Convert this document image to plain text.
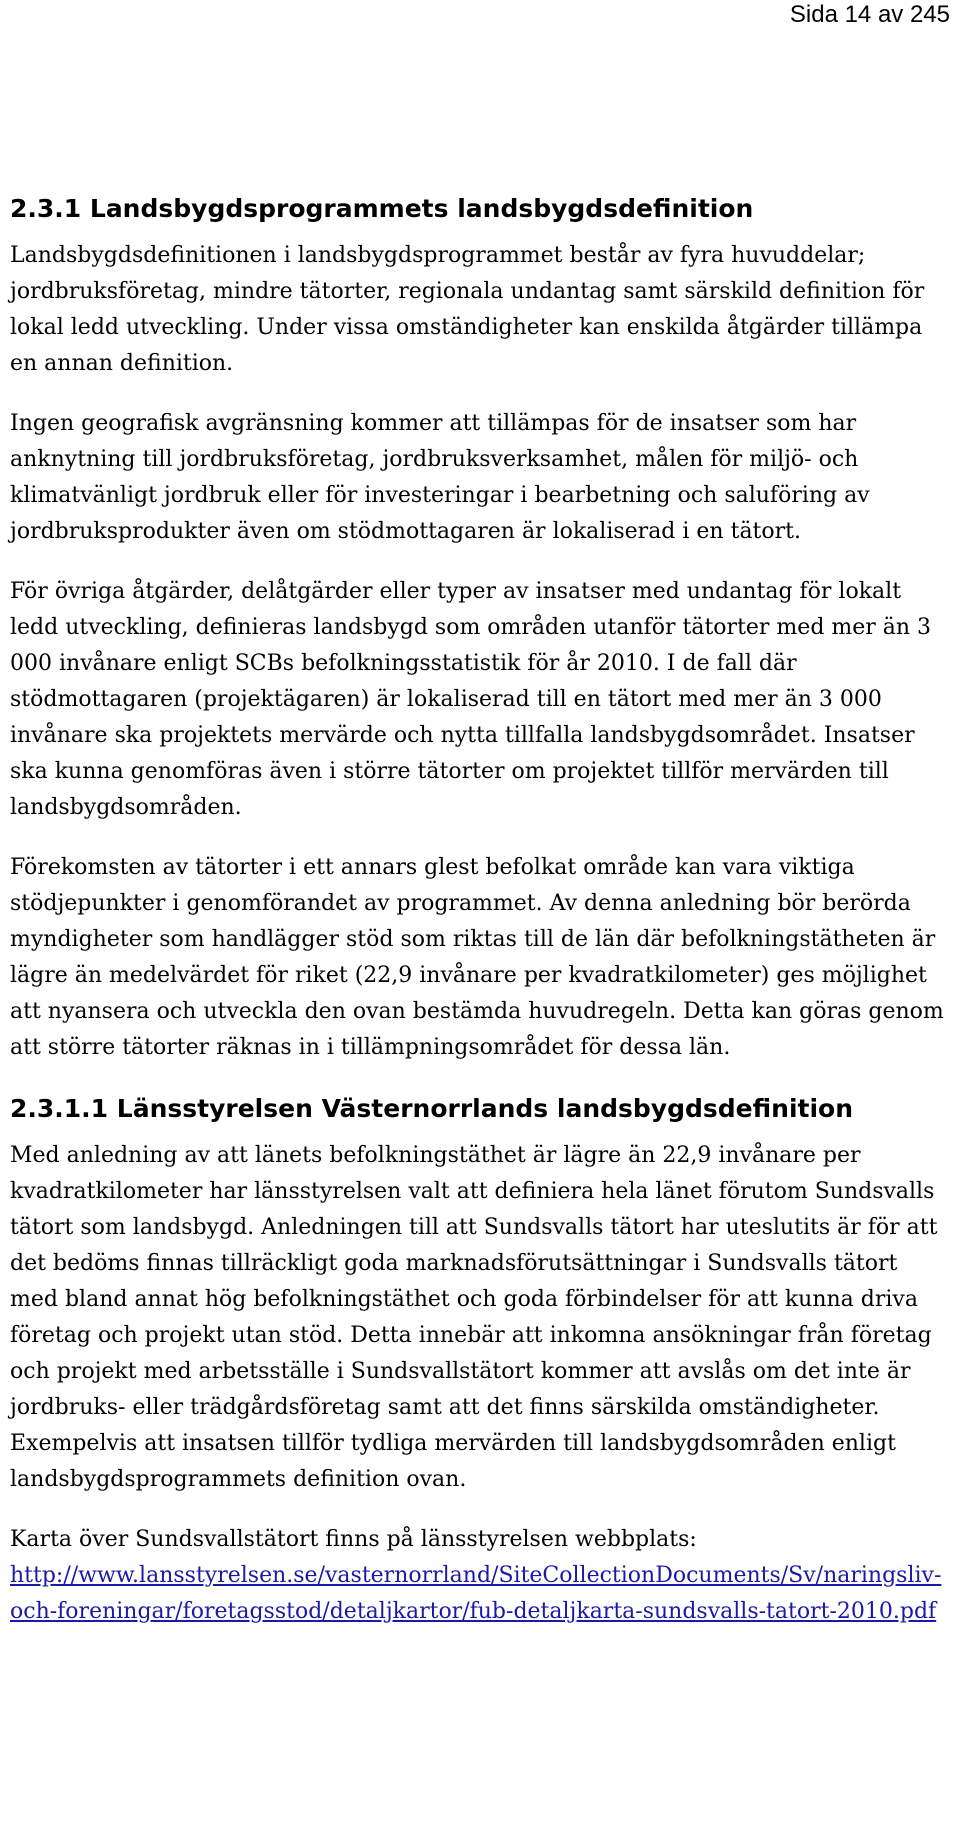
Sida 14 av 245
2.3.1 Landsbygdsprogrammets landsbygdsdefinition

Landsbygdsdefinitionen i landsbygdsprogrammet består av fyra huvuddelar; jordbruksföretag, mindre tätorter, regionala undantag samt särskild definition för lokal ledd utveckling. Under vissa omständigheter kan enskilda åtgärder tillämpa en annan definition.

Ingen geografisk avgränsning kommer att tillämpas för de insatser som har anknytning till jordbruksföretag, jordbruksverksamhet, målen för miljö- och klimatvänligt jordbruk eller för investeringar i bearbetning och saluföring av jordbruksprodukter även om stödmottagaren är lokaliserad i en tätort.

För övriga åtgärder, delåtgärder eller typer av insatser med undantag för lokalt ledd utveckling, definieras landsbygd som områden utanför tätorter med mer än 3 000 invånare enligt SCBs befolkningsstatistik för år 2010. I de fall där stödmottagaren (projektägaren) är lokaliserad till en tätort med mer än 3 000 invånare ska projektets mervärde och nytta tillfalla landsbygdsområdet. Insatser ska kunna genomföras även i större tätorter om projektet tillför mervärden till landsbygdsområden.

Förekomsten av tätorter i ett annars glest befolkat område kan vara viktiga stödjepunkter i genomförandet av programmet. Av denna anledning bör berörda myndigheter som handlägger stöd som riktas till de län där befolkningstätheten är lägre än medelvärdet för riket (22,9 invånare per kvadratkilometer) ges möjlighet att nyansera och utveckla den ovan bestämda huvudregeln. Detta kan göras genom att större tätorter räknas in i tillämpningsområdet för dessa län.

2.3.1.1 Länsstyrelsen Västernorrlands landsbygdsdefinition

Med anledning av att länets befolkningstäthet är lägre än 22,9 invånare per kvadratkilometer har länsstyrelsen valt att definiera hela länet förutom Sundsvalls tätort som landsbygd. Anledningen till att Sundsvalls tätort har uteslutits är för att det bedöms finnas tillräckligt goda marknadsförutsättningar i Sundsvalls tätort med bland annat hög befolkningstäthet och goda förbindelser för att kunna driva företag och projekt utan stöd. Detta innebär att inkomna ansökningar från företag och projekt med arbetsställe i Sundsvallstätort kommer att avslås om det inte är jordbruks- eller trädgårdsföretag samt att det finns särskilda omständigheter. Exempelvis att insatsen tillför tydliga mervärden till landsbygdsområden enligt landsbygdsprogrammets definition ovan.

Karta över Sundsvallstätort finns på länsstyrelsen webbplats:
http://www.lansstyrelsen.se/vasternorrland/SiteCollectionDocuments/Sv/naringsliv-och-foreningar/foretagsstod/detaljkartor/fub-detaljkarta-sundsvalls-tatort-2010.pdf
